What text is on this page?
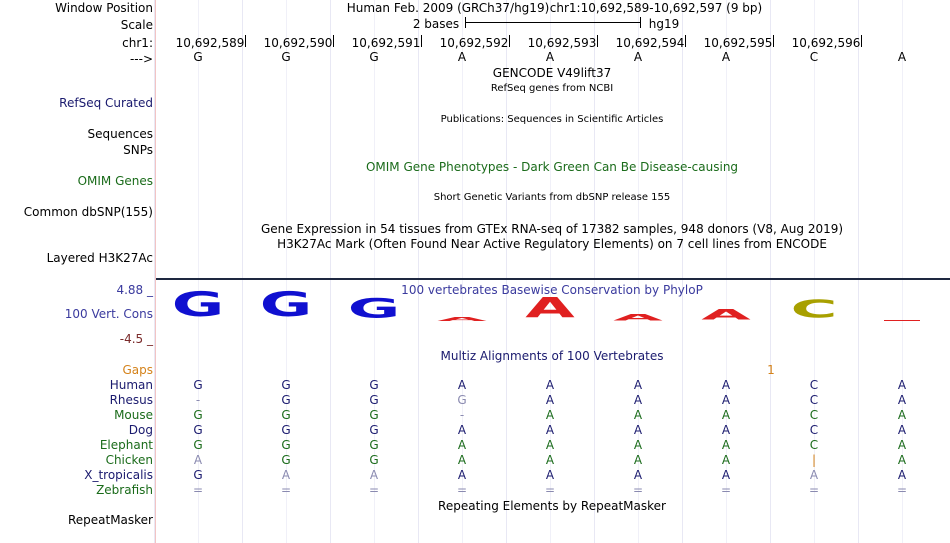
Window Position	Human Feb. 2009 (GRCh37/hg19) chr1:10,692,589-10,692,597 (9 bp)
Scale	2 bases	hg19
chr1: 10,692,589 10,692,590 10,692,591 10,692,592 10,692,593 10,692,594 10,692,595 10,692,596
--->	G	G	G	A	A	A	A	C	A
GENCODE V49lift37
RefSeq genes from NCBI
RefSeq Curated
Publications: Sequences in Scientific Articles
Sequences
SNPs
OMIM Gene Phenotypes - Dark Green Can Be Disease-causing
OMIM Genes
Short Genetic Variants from dbSNP release 155
Common dbSNP(155)
Gene Expression in 54 tissues from GTEx RNA-seq of 17382 samples, 948 donors (V8, Aug 2019)
H3K27Ac Mark (Often Found Near Active Regulatory Elements) on 7 cell lines from ENCODE
Layered H3K27Ac
4.88 _	100 vertebrates Basewise Conservation by PhyloP
100 Vert. Cons G G G A A A A C
-4.5 _
Multiz Alignments of 100 Vertebrates
Gaps	1
Human	G	G	G	A	A	A	A	C	A
Rhesus	-	G	G	G	A	A	A	C	A
Mouse	G	G	G	-	A	A	A	C	A
Dog	G	G	G	A	A	A	A	C	A
Elephant	G	G	G	A	A	A	A	C	A
Chicken	A	G	G	A	A	A	A	|	A
X_tropicalis	G	A	A	A	A	A	A	A	A
Zebrafish	=	=	=	=	=	=	=	=	=
Repeating Elements by RepeatMasker
RepeatMasker
